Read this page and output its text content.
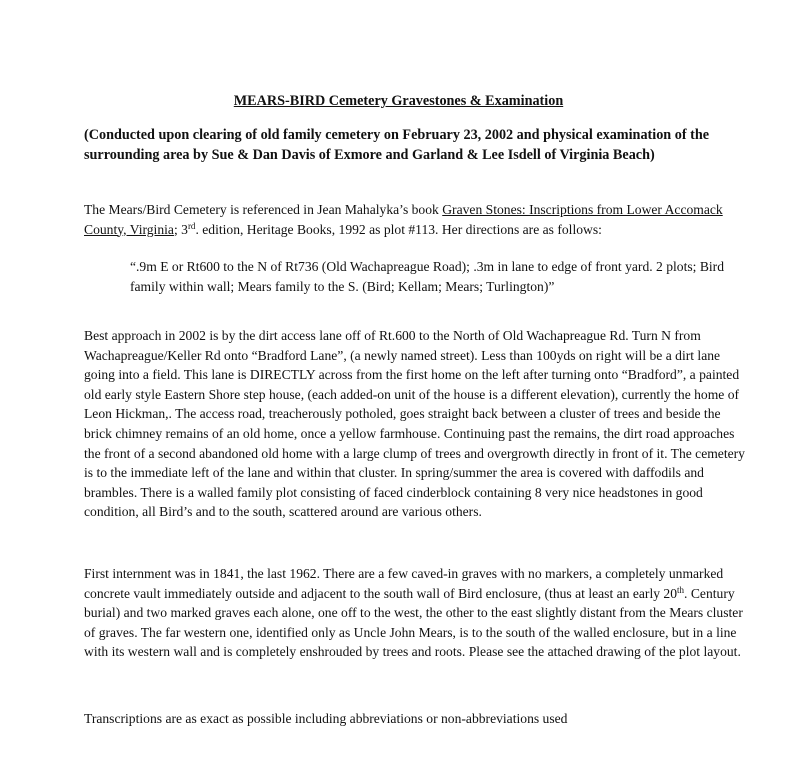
MEARS-BIRD Cemetery Gravestones & Examination

(Conducted upon clearing of old family cemetery on February 23, 2002 and physical examination of the surrounding area by Sue & Dan Davis of Exmore and Garland & Lee Isdell of Virginia Beach)

The Mears/Bird Cemetery is referenced in Jean Mahalyka’s book Graven Stones: Inscriptions from Lower Accomack County, Virginia; 3rd. edition, Heritage Books, 1992 as plot #113. Her directions are as follows:

“.9m E or Rt600 to the N of Rt736 (Old Wachapreague Road); .3m in lane to edge of front yard. 2 plots; Bird family within wall; Mears family to the S. (Bird; Kellam; Mears; Turlington)”

Best approach in 2002 is by the dirt access lane off of Rt.600 to the North of Old Wachapreague Rd. Turn N from Wachapreague/Keller Rd onto “Bradford Lane”, (a newly named street). Less than 100yds on right will be a dirt lane going into a field. This lane is DIRECTLY across from the first home on the left after turning onto “Bradford”, a painted old early style Eastern Shore step house, (each added-on unit of the house is a different elevation), currently the home of Leon Hickman,. The access road, treacherously potholed, goes straight back between a cluster of trees and beside the brick chimney remains of an old home, once a yellow farmhouse. Continuing past the remains, the dirt road approaches the front of a second abandoned old home with a large clump of trees and overgrowth directly in front of it. The cemetery is to the immediate left of the lane and within that cluster. In spring/summer the area is covered with daffodils and brambles. There is a walled family plot consisting of faced cinderblock containing 8 very nice headstones in good condition, all Bird’s and to the south, scattered around are various others.

First internment was in 1841, the last 1962. There are a few caved-in graves with no markers, a completely unmarked concrete vault immediately outside and adjacent to the south wall of Bird enclosure, (thus at least an early 20th. Century burial) and two marked graves each alone, one off to the west, the other to the east slightly distant from the Mears cluster of graves. The far western one, identified only as Uncle John Mears, is to the south of the walled enclosure, but in a line with its western wall and is completely enshrouded by trees and roots. Please see the attached drawing of the plot layout.

Transcriptions are as exact as possible including abbreviations or non-abbreviations used
